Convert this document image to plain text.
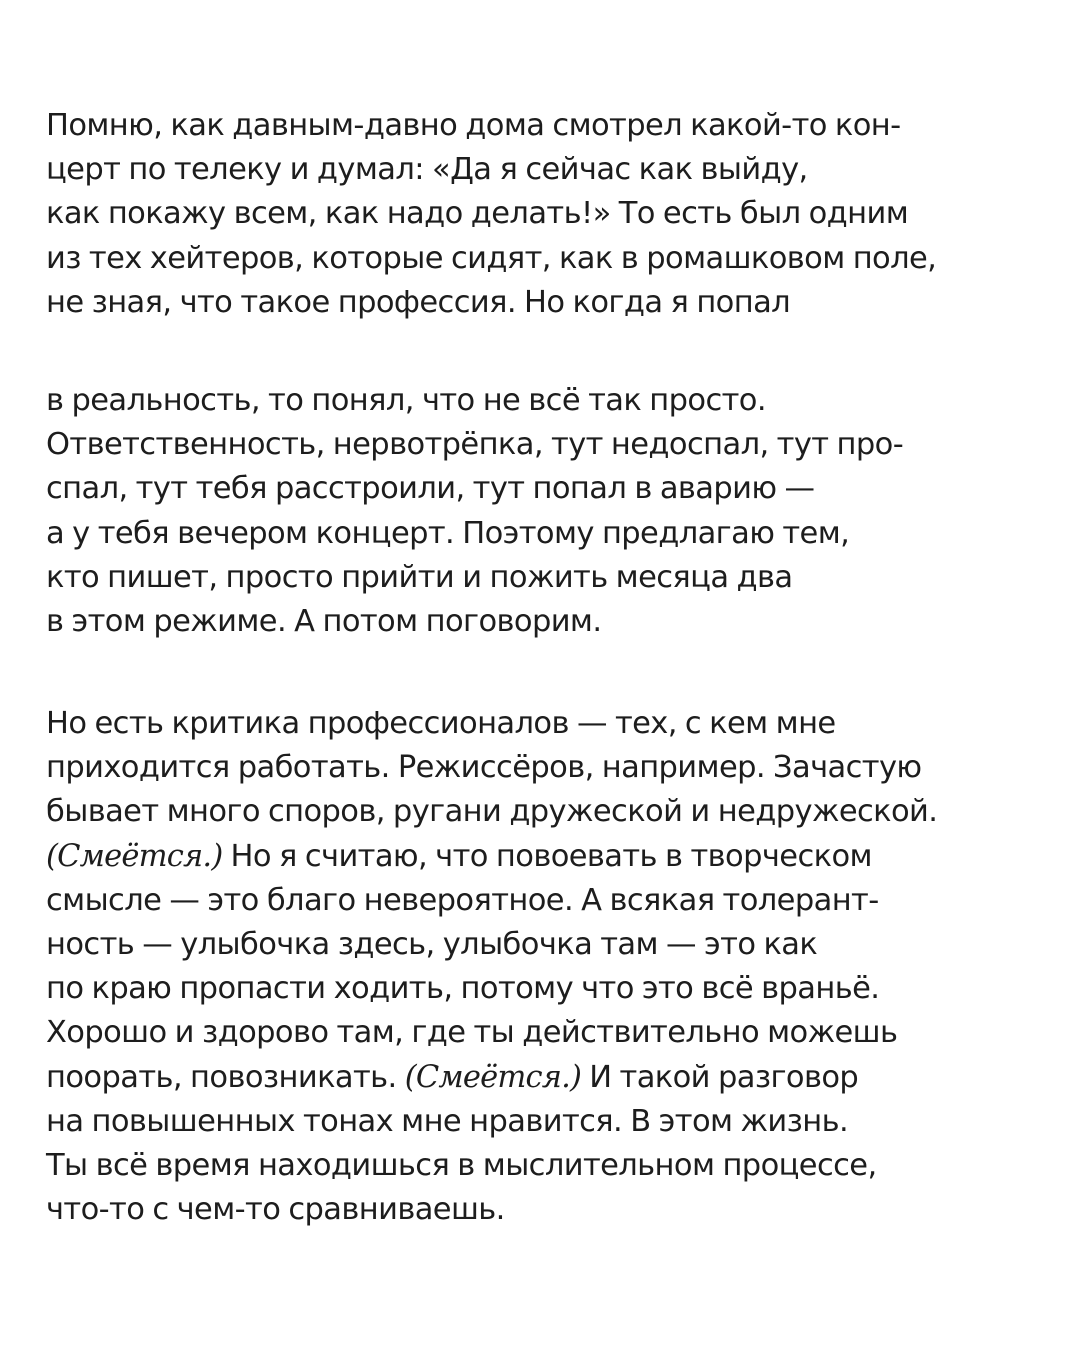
Помню, как давным-давно дома смотрел какой-то кон-
церт по телеку и думал: «Да я сейчас как выйду,
как покажу всем, как надо делать!» То есть был одним
из тех хейтеров, которые сидят, как в ромашковом поле,
не зная, что такое профессия. Но когда я попал

в реальность, то понял, что не всё так просто.
Ответственность, нервотрёпка, тут недоспал, тут про-
спал, тут тебя расстроили, тут попал в аварию —
а у тебя вечером концерт. Поэтому предлагаю тем,
кто пишет, просто прийти и пожить месяца два
в этом режиме. А потом поговорим.

Но есть критика профессионалов — тех, с кем мне
приходится работать. Режиссёров, например. Зачастую
бывает много споров, ругани дружеской и недружеской.
(Смеётся.) Но я считаю, что повоевать в творческом
смысле — это благо невероятное. А всякая толерант-
ность — улыбочка здесь, улыбочка там — это как
по краю пропасти ходить, потому что это всё враньё.
Хорошо и здорово там, где ты действительно можешь
поорать, повозникать. (Смеётся.) И такой разговор
на повышенных тонах мне нравится. В этом жизнь.
Ты всё время находишься в мыслительном процессе,
что-то с чем-то сравниваешь.
